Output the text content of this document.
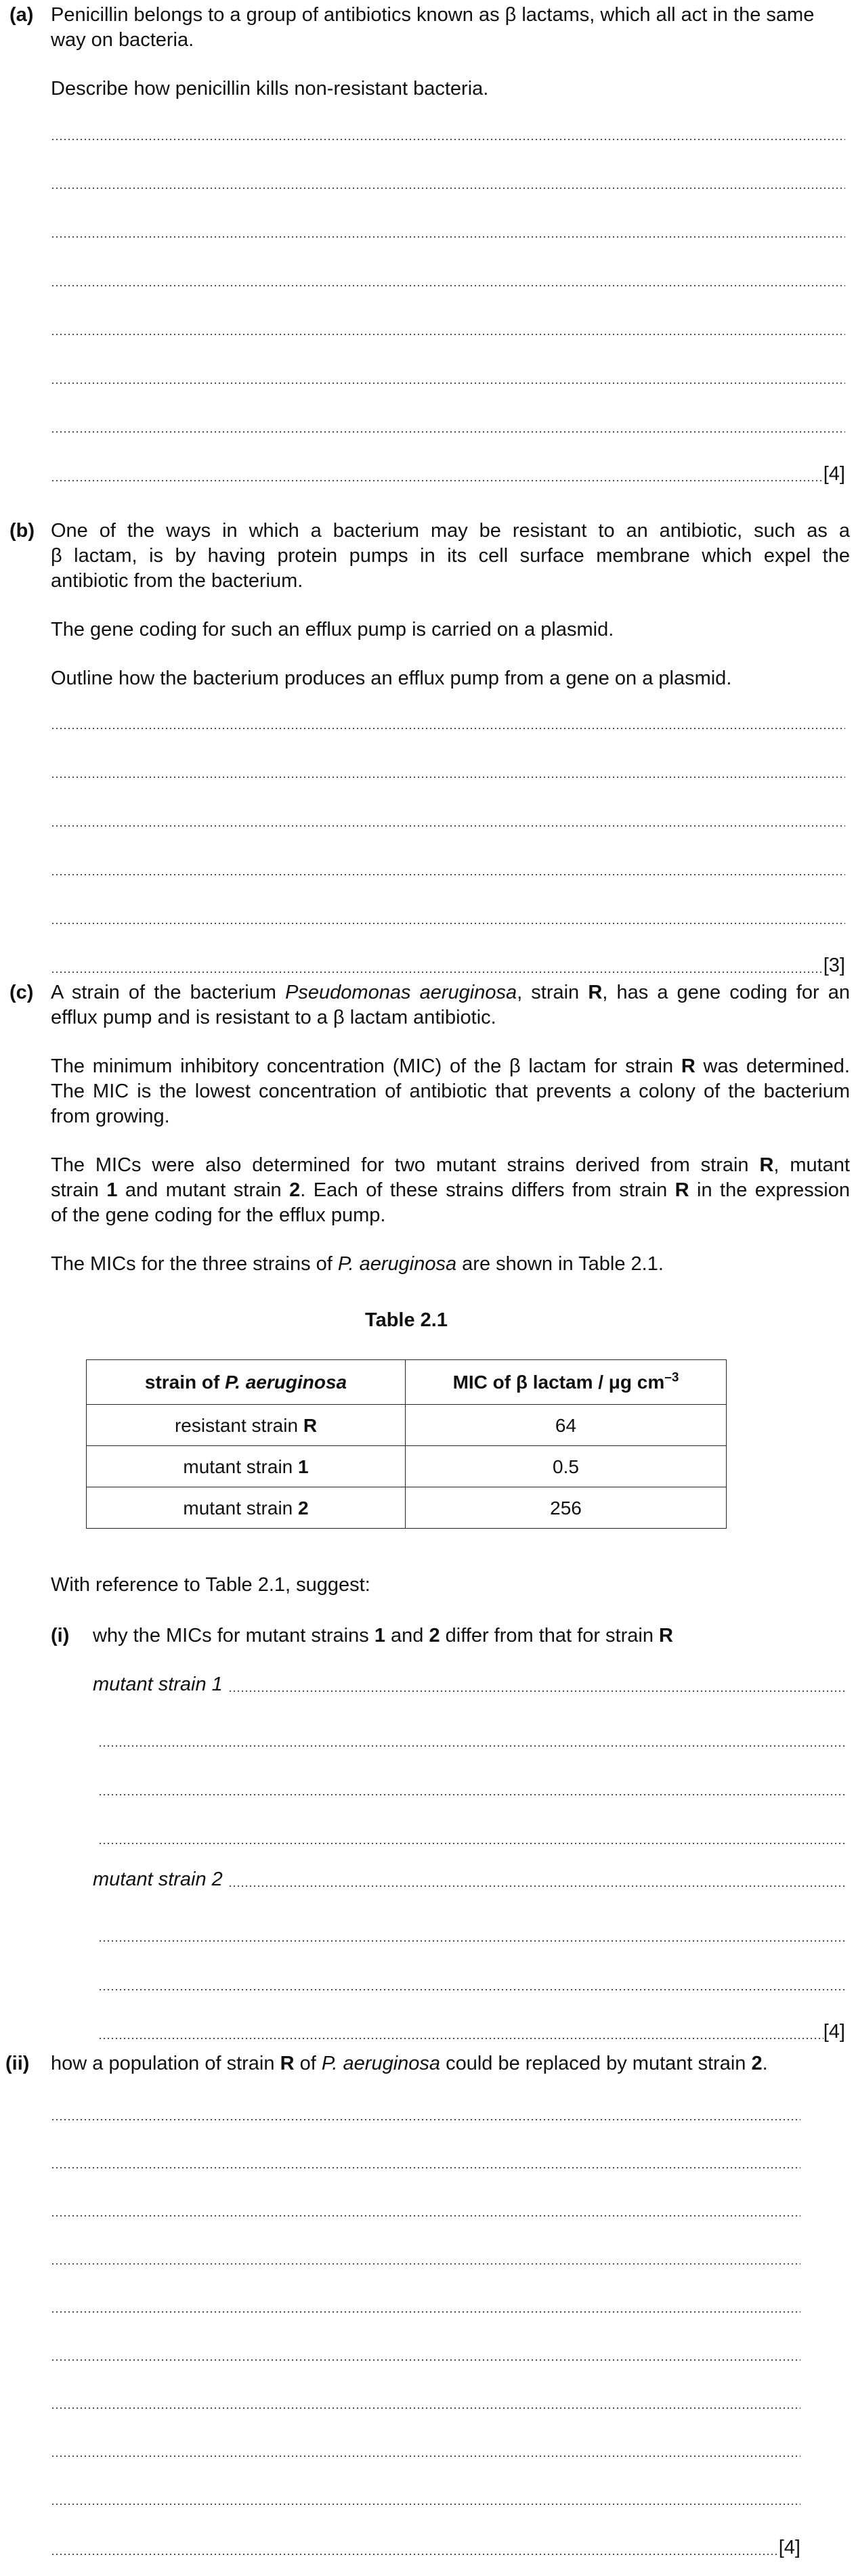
(a) Penicillin belongs to a group of antibiotics known as β lactams, which all act in the same
way on bacteria.
Describe how penicillin kills non-resistant bacteria.
[4]
(b) One of the ways in which a bacterium may be resistant to an antibiotic, such as a
β lactam, is by having protein pumps in its cell surface membrane which expel the
antibiotic from the bacterium.
The gene coding for such an efflux pump is carried on a plasmid.
Outline how the bacterium produces an efflux pump from a gene on a plasmid.
[3]
(c) A strain of the bacterium Pseudomonas aeruginosa, strain R, has a gene coding for an
efflux pump and is resistant to a β lactam antibiotic.
The minimum inhibitory concentration (MIC) of the β lactam for strain R was determined.
The MIC is the lowest concentration of antibiotic that prevents a colony of the bacterium
from growing.
The MICs were also determined for two mutant strains derived from strain R, mutant
strain 1 and mutant strain 2. Each of these strains differs from strain R in the expression
of the gene coding for the efflux pump.
The MICs for the three strains of P. aeruginosa are shown in Table 2.1.
Table 2.1
strain of P. aeruginosa	MIC of β lactam / μg $cm^{-3}$
resistant strain R	64
mutant strain 1	0.5
mutant strain 2	256
With reference to Table 2.1, suggest:
(i) why the MICs for mutant strains 1 and 2 differ from that for strain R
mutant strain 1
mutant strain 2
[4]
(ii) how a population of strain R of P. aeruginosa could be replaced by mutant strain 2.
[4]
